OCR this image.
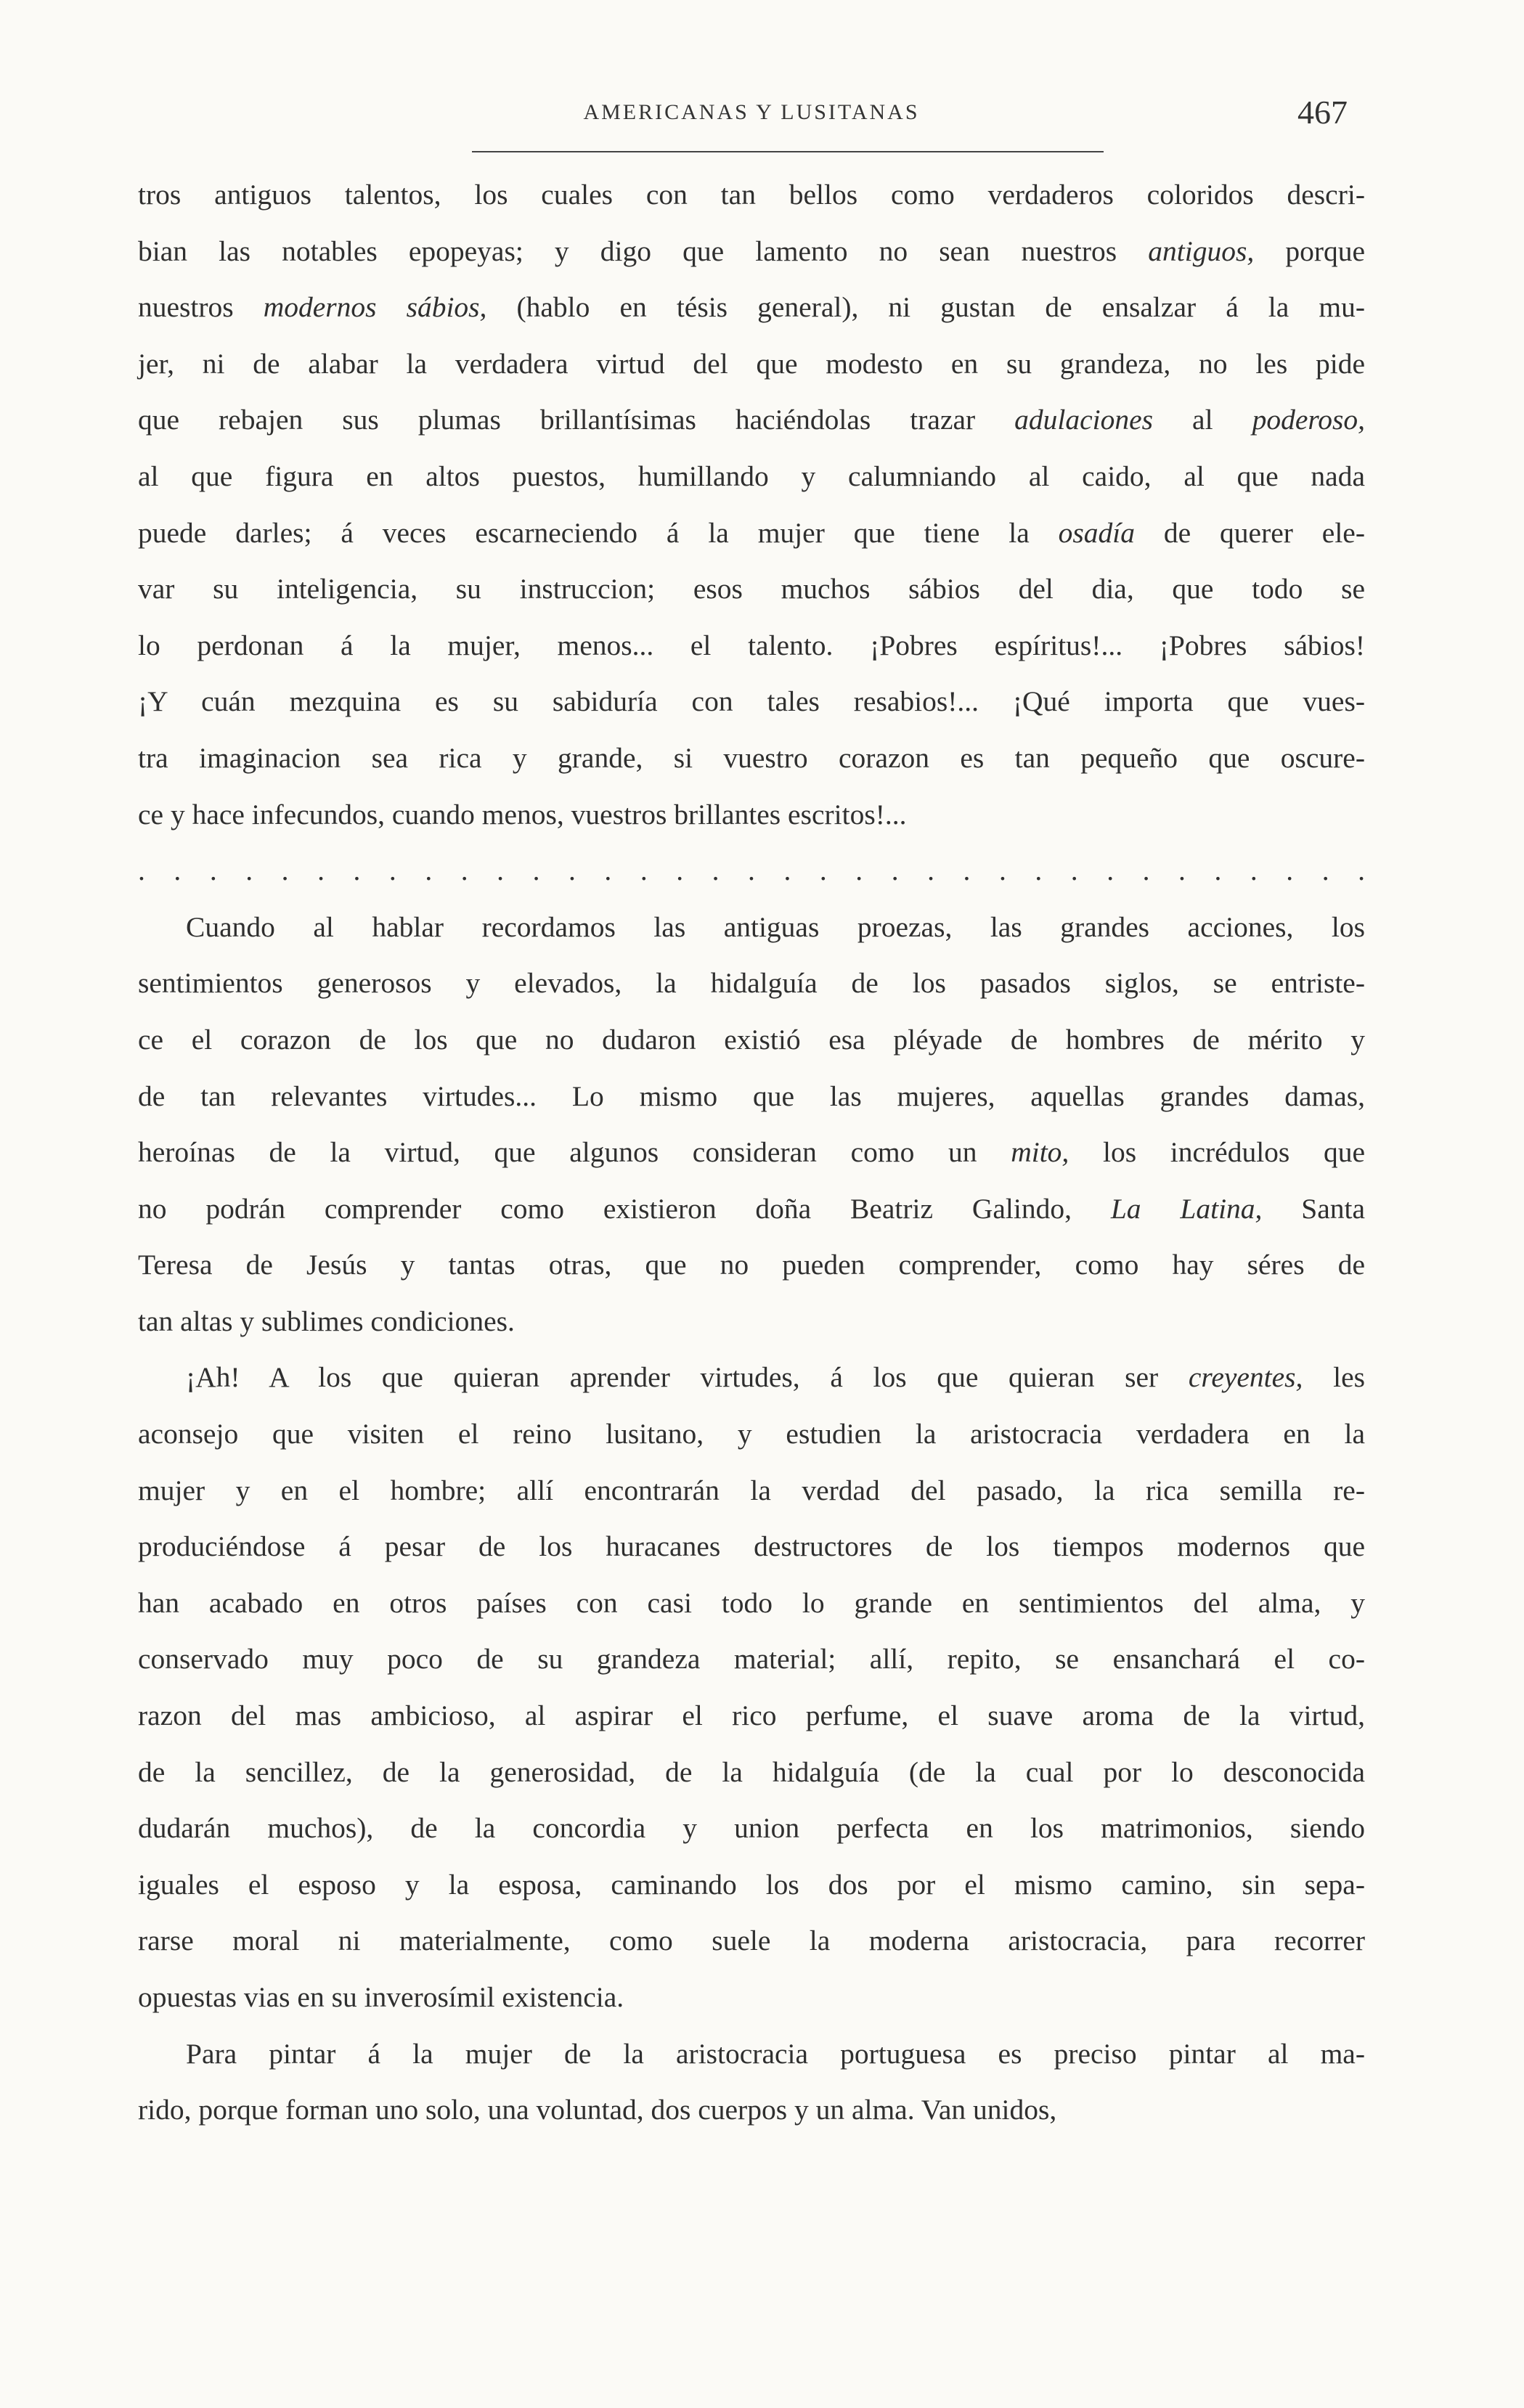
AMERICANAS Y LUSITANAS	467

tros antiguos talentos, los cuales con tan bellos como verdaderos coloridos descri-
bian las notables epopeyas; y digo que lamento no sean nuestros antiguos, porque
nuestros modernos sábios, (hablo en tésis general), ni gustan de ensalzar á la mu-
jer, ni de alabar la verdadera virtud del que modesto en su grandeza, no les pide
que rebajen sus plumas brillantísimas haciéndolas trazar adulaciones al poderoso,
al que figura en altos puestos, humillando y calumniando al caido, al que nada
puede darles; á veces escarneciendo á la mujer que tiene la osadía de querer ele-
var su inteligencia, su instruccion; esos muchos sábios del dia, que todo se
lo perdonan á la mujer, menos... el talento. ¡Pobres espíritus!... ¡Pobres sábios!
¡Y cuán mezquina es su sabiduría con tales resabios!... ¡Qué importa que vues-
tra imaginacion sea rica y grande, si vuestro corazon es tan pequeño que oscure-
ce y hace infecundos, cuando menos, vuestros brillantes escritos!...

. . . . . . . . . . . . . . . . . . . . . . . . . . . . . . . . . . .

Cuando al hablar recordamos las antiguas proezas, las grandes acciones, los
sentimientos generosos y elevados, la hidalguía de los pasados siglos, se entriste-
ce el corazon de los que no dudaron existió esa pléyade de hombres de mérito y
de tan relevantes virtudes... Lo mismo que las mujeres, aquellas grandes damas,
heroínas de la virtud, que algunos consideran como un mito, los incrédulos que
no podrán comprender como existieron doña Beatriz Galindo, La Latina, Santa
Teresa de Jesús y tantas otras, que no pueden comprender, como hay séres de
tan altas y sublimes condiciones.

¡Ah! A los que quieran aprender virtudes, á los que quieran ser creyentes, les
aconsejo que visiten el reino lusitano, y estudien la aristocracia verdadera en la
mujer y en el hombre; allí encontrarán la verdad del pasado, la rica semilla re-
produciéndose á pesar de los huracanes destructores de los tiempos modernos que
han acabado en otros países con casi todo lo grande en sentimientos del alma, y
conservado muy poco de su grandeza material; allí, repito, se ensanchará el co-
razon del mas ambicioso, al aspirar el rico perfume, el suave aroma de la virtud,
de la sencillez, de la generosidad, de la hidalguía (de la cual por lo desconocida
dudarán muchos), de la concordia y union perfecta en los matrimonios, siendo
iguales el esposo y la esposa, caminando los dos por el mismo camino, sin sepa-
rarse moral ni materialmente, como suele la moderna aristocracia, para recorrer
opuestas vias en su inverosímil existencia.

Para pintar á la mujer de la aristocracia portuguesa es preciso pintar al ma-
rido, porque forman uno solo, una voluntad, dos cuerpos y un alma. Van unidos,
